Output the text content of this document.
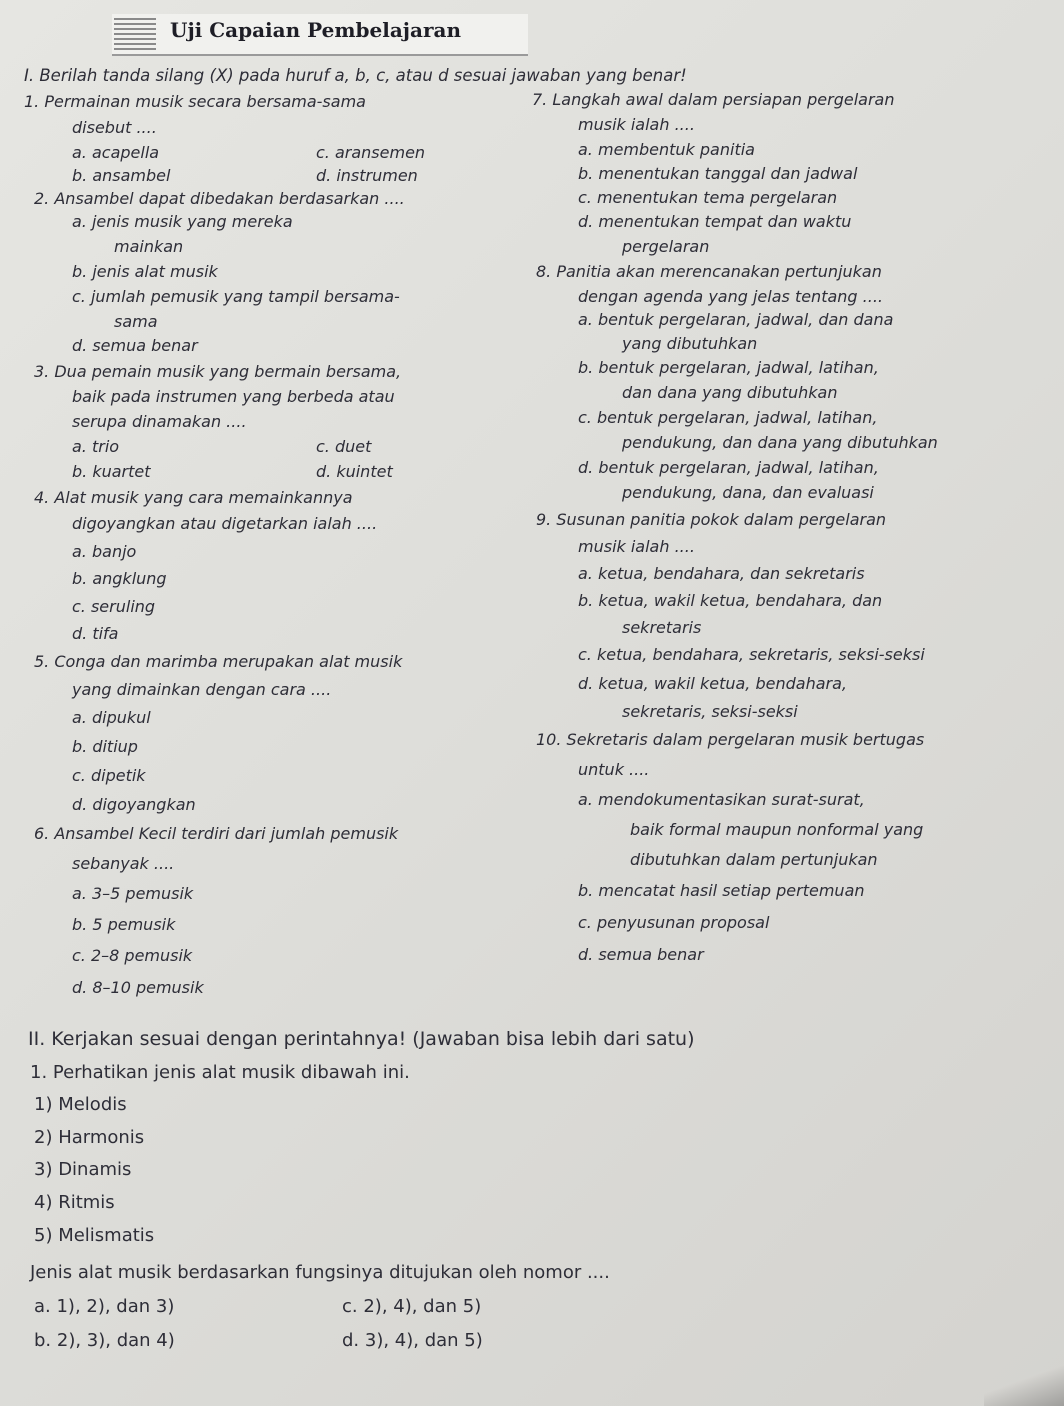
Uji Capaian Pembelajaran
I. Berilah tanda silang (X) pada huruf a, b, c, atau d sesuai jawaban yang benar!
1. Permainan musik secara bersama-sama
disebut ....
a. acapella	c. aransemen
b. ansambel	d. instrumen
2. Ansambel dapat dibedakan berdasarkan ....
a. jenis musik yang mereka
mainkan
b. jenis alat musik
c. jumlah pemusik yang tampil bersama-
sama
d. semua benar
3. Dua pemain musik yang bermain bersama,
baik pada instrumen yang berbeda atau
serupa dinamakan ....
a. trio	c. duet
b. kuartet	d. kuintet
4. Alat musik yang cara memainkannya
digoyangkan atau digetarkan ialah ....
a. banjo
b. angklung
c. seruling
d. tifa
5. Conga dan marimba merupakan alat musik
yang dimainkan dengan cara ....
a. dipukul
b. ditiup
c. dipetik
d. digoyangkan
6. Ansambel Kecil terdiri dari jumlah pemusik
sebanyak ....
a. 3–5 pemusik
b. 5 pemusik
c. 2–8 pemusik
d. 8–10 pemusik
7. Langkah awal dalam persiapan pergelaran
musik ialah ....
a. membentuk panitia
b. menentukan tanggal dan jadwal
c. menentukan tema pergelaran
d. menentukan tempat dan waktu
pergelaran
8. Panitia akan merencanakan pertunjukan
dengan agenda yang jelas tentang ....
a. bentuk pergelaran, jadwal, dan dana
yang dibutuhkan
b. bentuk pergelaran, jadwal, latihan,
dan dana yang dibutuhkan
c. bentuk pergelaran, jadwal, latihan,
pendukung, dan dana yang dibutuhkan
d. bentuk pergelaran, jadwal, latihan,
pendukung, dana, dan evaluasi
9. Susunan panitia pokok dalam pergelaran
musik ialah ....
a. ketua, bendahara, dan sekretaris
b. ketua, wakil ketua, bendahara, dan
sekretaris
c. ketua, bendahara, sekretaris, seksi-seksi
d. ketua, wakil ketua, bendahara,
sekretaris, seksi-seksi
10. Sekretaris dalam pergelaran musik bertugas
untuk ....
a. mendokumentasikan surat-surat,
baik formal maupun nonformal yang
dibutuhkan dalam pertunjukan
b. mencatat hasil setiap pertemuan
c. penyusunan proposal
d. semua benar
II. Kerjakan sesuai dengan perintahnya! (Jawaban bisa lebih dari satu)
1. Perhatikan jenis alat musik dibawah ini.
1) Melodis
2) Harmonis
3) Dinamis
4) Ritmis
5) Melismatis
Jenis alat musik berdasarkan fungsinya ditujukan oleh nomor ....
a. 1), 2), dan 3)	c. 2), 4), dan 5)
b. 2), 3), dan 4)	d. 3), 4), dan 5)
